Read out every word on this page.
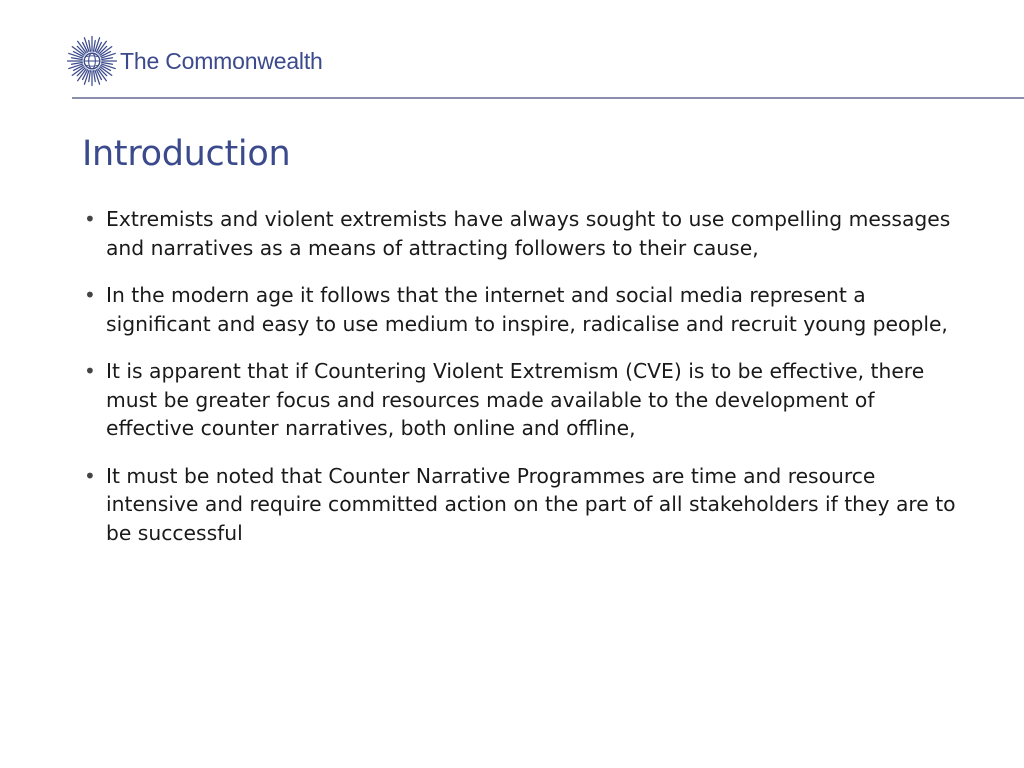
The Commonwealth
Introduction
• Extremists and violent extremists have always sought to use compelling messages and narratives as a means of attracting followers to their cause,
• In the modern age it follows that the internet and social media represent a significant and easy to use medium to inspire, radicalise and recruit young people,
• It is apparent that if Countering Violent Extremism (CVE) is to be effective, there must be greater focus and resources made available to the development of effective counter narratives, both online and offline,
• It must be noted that Counter Narrative Programmes are time and resource intensive and require committed action on the part of all stakeholders if they are to be successful
